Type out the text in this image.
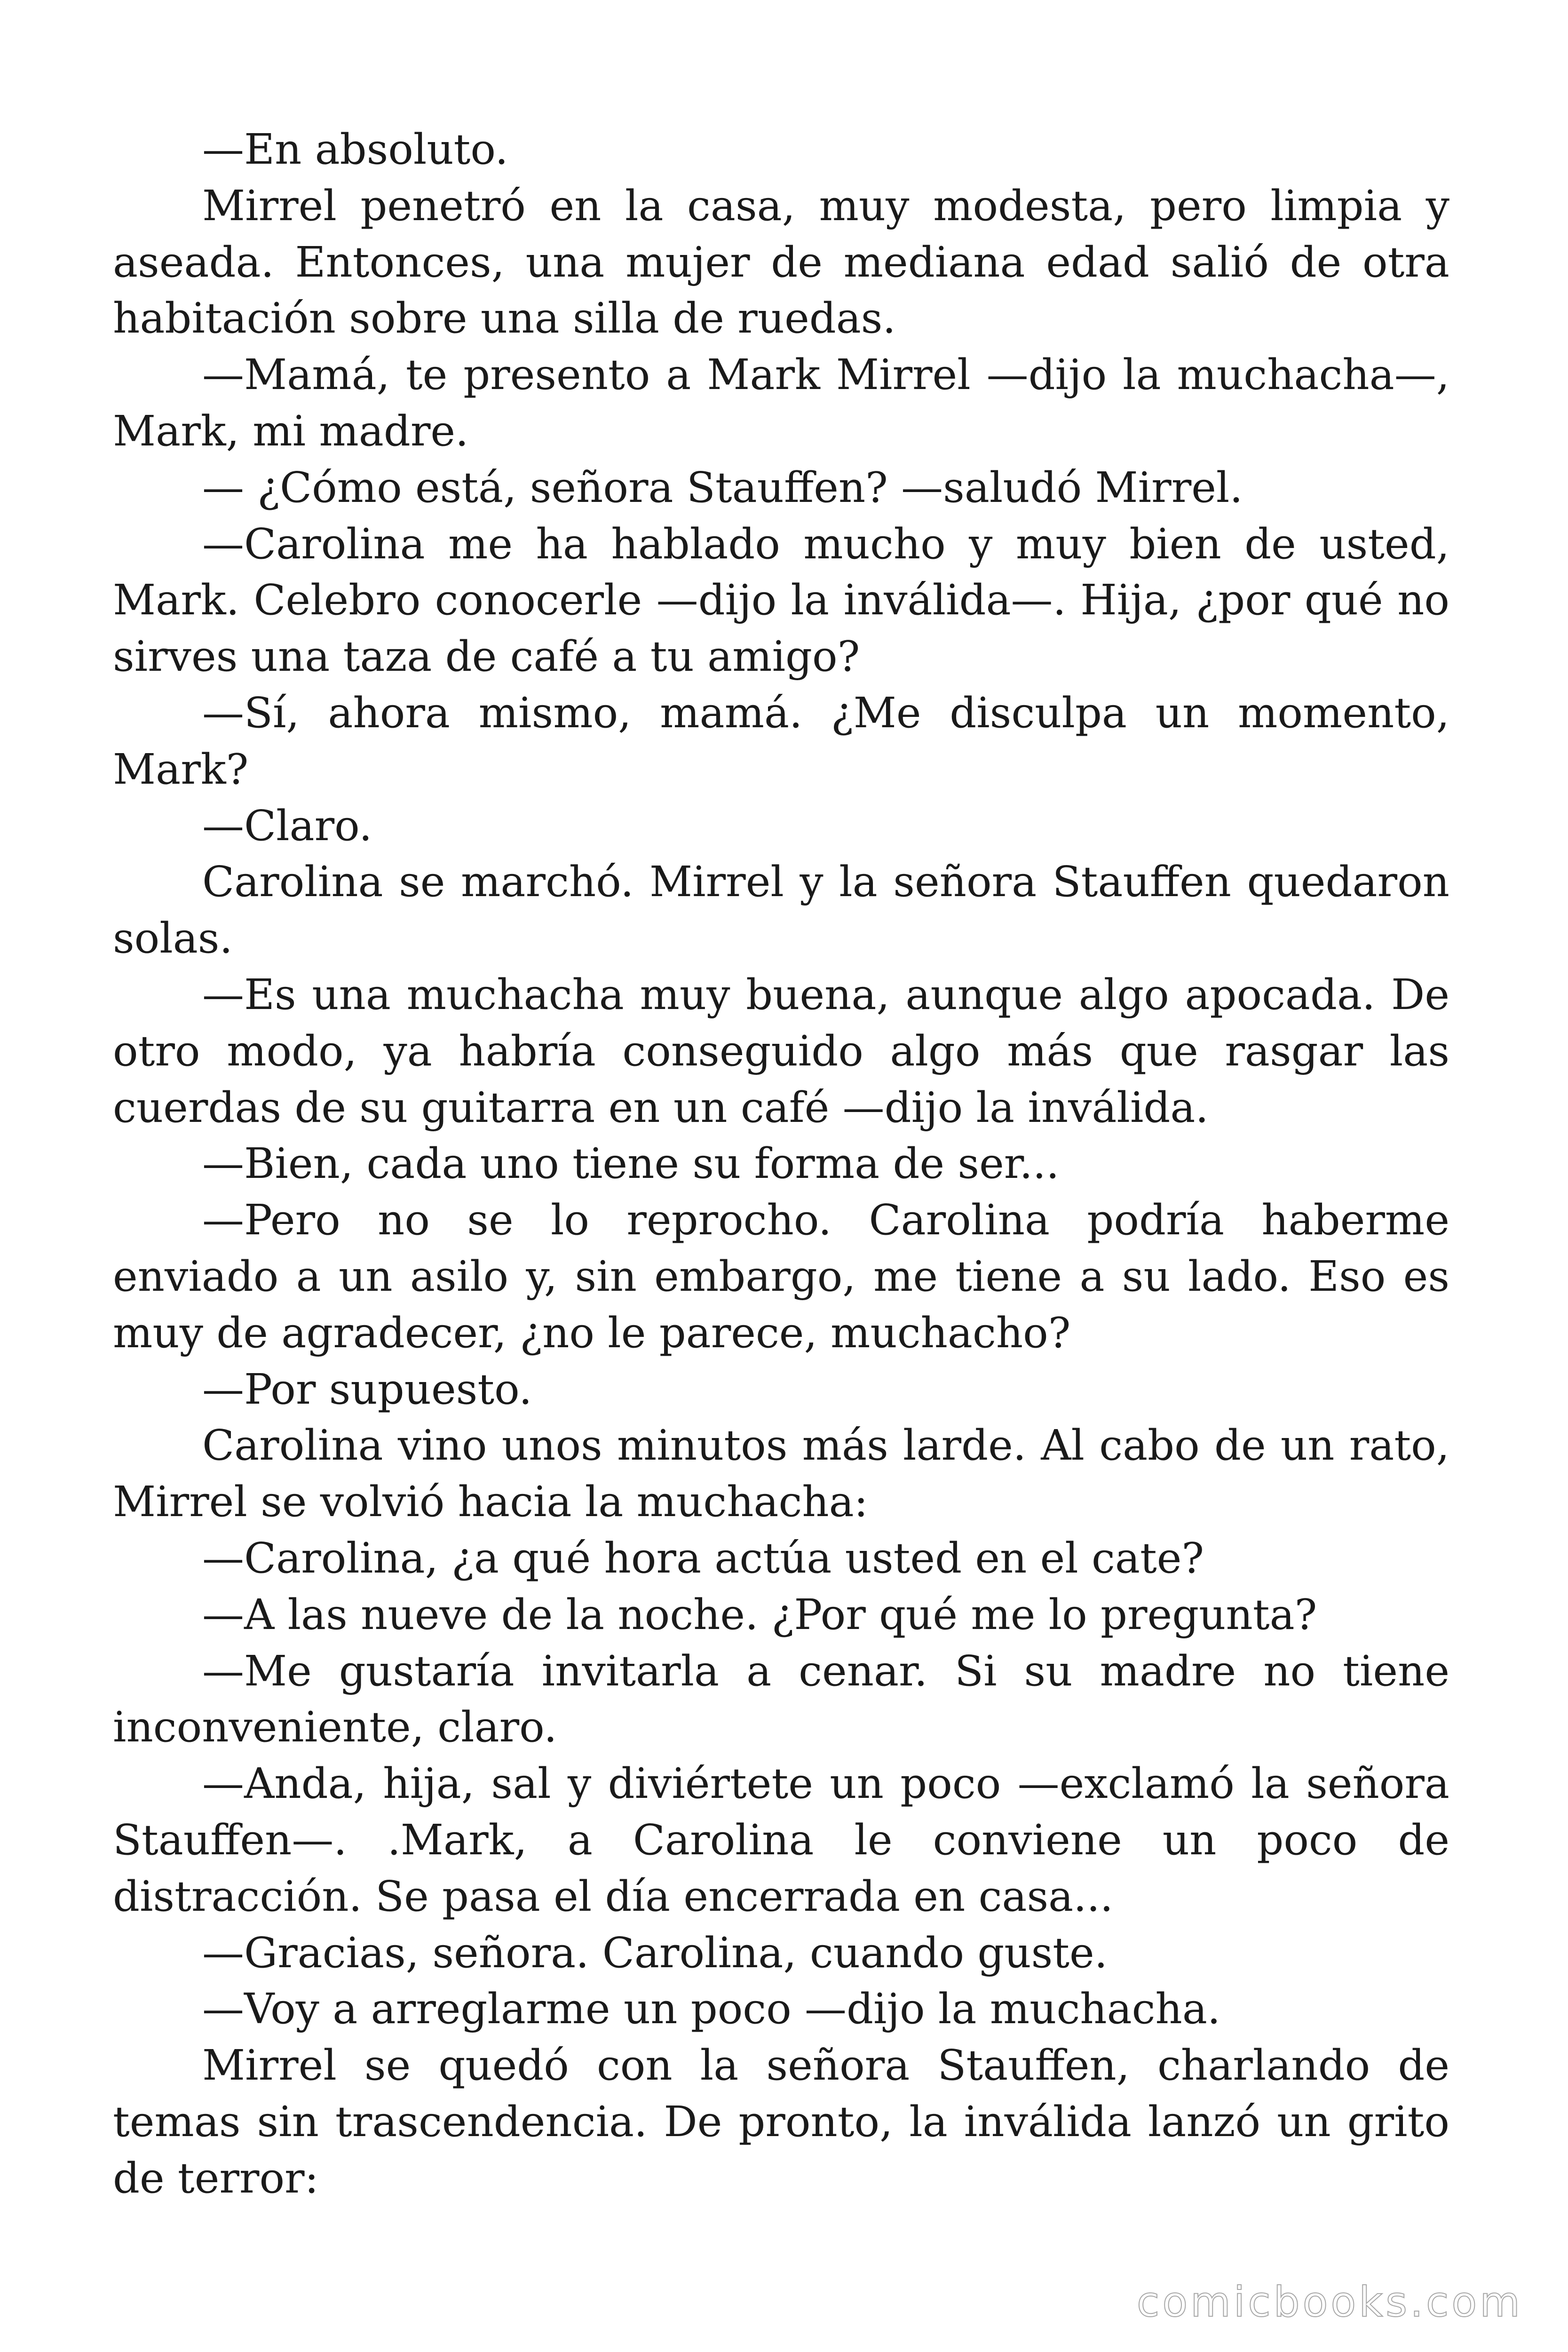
—En absoluto.

Mirrel penetró en la casa, muy modesta, pero limpia y aseada. Entonces, una mujer de mediana edad salió de otra habitación sobre una silla de ruedas.

—Mamá, te presento a Mark Mirrel —dijo la muchacha—, Mark, mi madre.

— ¿Cómo está, señora Stauffen? —saludó Mirrel.

—Carolina me ha hablado mucho y muy bien de usted, Mark. Celebro conocerle —dijo la inválida—. Hija, ¿por qué no sirves una taza de café a tu amigo?

—Sí, ahora mismo, mamá. ¿Me disculpa un momento, Mark?

—Claro.

Carolina se marchó. Mirrel y la señora Stauffen quedaron solas.

—Es una muchacha muy buena, aunque algo apocada. De otro modo, ya habría conseguido algo más que rasgar las cuerdas de su guitarra en un café —dijo la inválida.

—Bien, cada uno tiene su forma de ser...

—Pero no se lo reprocho. Carolina podría haberme enviado a un asilo y, sin embargo, me tiene a su lado. Eso es muy de agradecer, ¿no le parece, muchacho?

—Por supuesto.

Carolina vino unos minutos más larde. Al cabo de un rato, Mirrel se volvió hacia la muchacha:

—Carolina, ¿a qué hora actúa usted en el cate?

—A las nueve de la noche. ¿Por qué me lo pregunta?

—Me gustaría invitarla a cenar. Si su madre no tiene inconveniente, claro.

—Anda, hija, sal y diviértete un poco —exclamó la señora Stauffen—. .Mark, a Carolina le conviene un poco de distracción. Se pasa el día encerrada en casa...

—Gracias, señora. Carolina, cuando guste.

—Voy a arreglarme un poco —dijo la muchacha.

Mirrel se quedó con la señora Stauffen, charlando de temas sin trascendencia. De pronto, la inválida lanzó un grito de terror:

comicbooks.com
